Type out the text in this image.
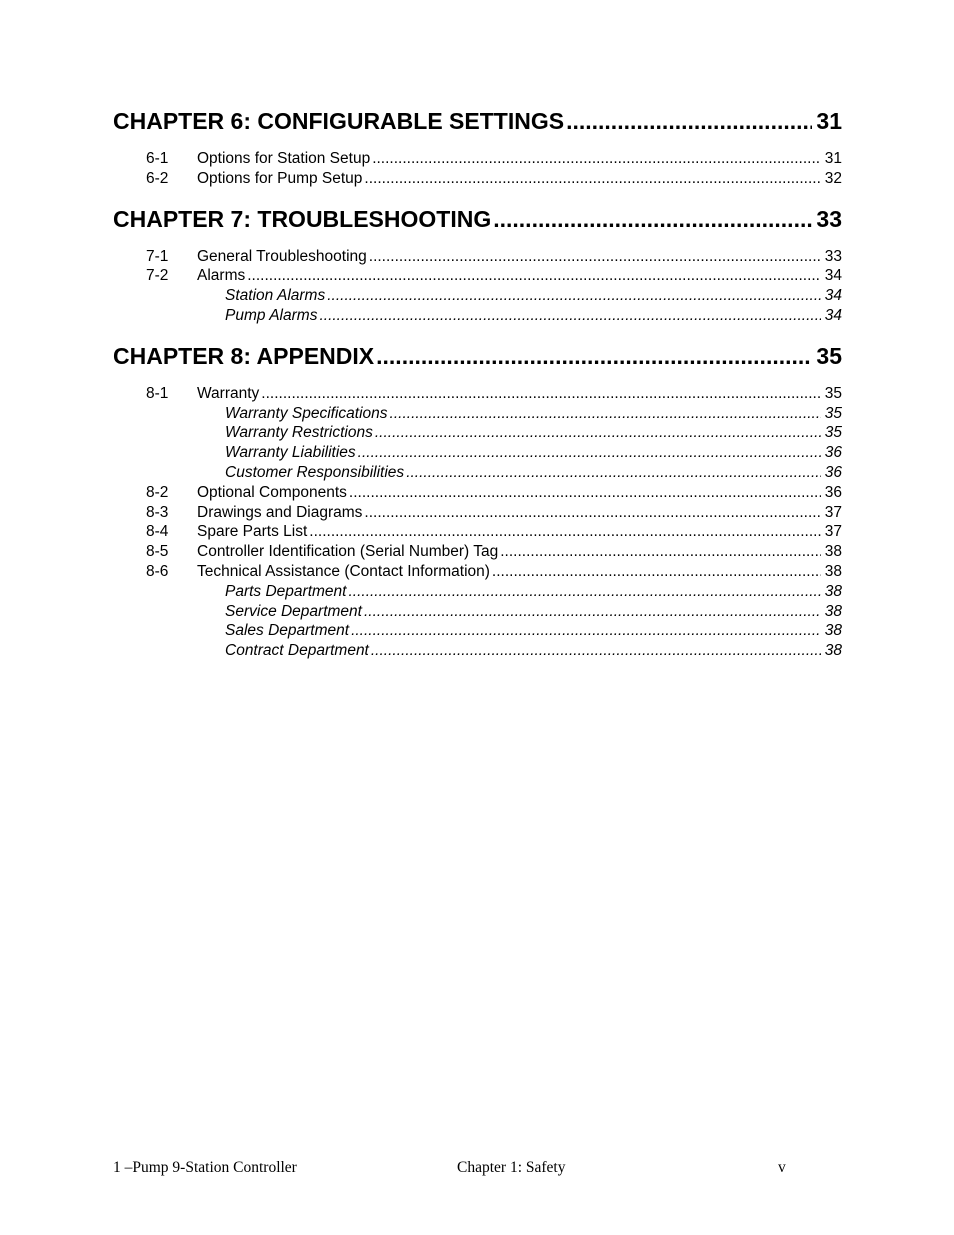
CHAPTER 6: CONFIGURABLE SETTINGS .....	31
6-1	Options for Station Setup .....	31
6-2	Options for Pump Setup .....	32
CHAPTER 7: TROUBLESHOOTING .....	33
7-1	General Troubleshooting .....	33
7-2	Alarms .....	34
Station Alarms .....	34
Pump Alarms .....	34
CHAPTER 8: APPENDIX .....	35
8-1	Warranty .....	35
Warranty Specifications .....	35
Warranty Restrictions .....	35
Warranty Liabilities .....	36
Customer Responsibilities .....	36
8-2	Optional Components .....	36
8-3	Drawings and Diagrams .....	37
8-4	Spare Parts List .....	37
8-5	Controller Identification (Serial Number) Tag .....	38
8-6	Technical Assistance (Contact Information) .....	38
Parts Department .....	38
Service Department .....	38
Sales Department .....	38
Contract Department .....	38
1 –Pump 9-Station Controller	Chapter 1: Safety	v
